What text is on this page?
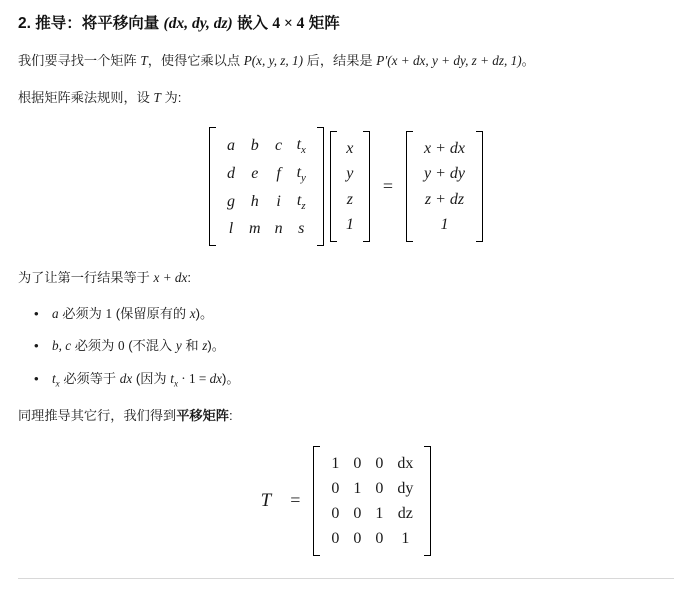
2. 推导：将平移向量 (dx, dy, dz) 嵌入 4 × 4 矩阵

我们要寻找一个矩阵 T，使得它乘以点 P(x, y, z, 1) 后，结果是 P′(x + dx, y + dy, z + dz, 1)。

根据矩阵乘法规则，设 T 为:

a	b	c	$t_x$
d	e	f	$t_y$
g	h	i	$t_z$
l	m	n	s
x
y
z
1
=
x + dx
y + dy
z + dz
1

为了让第一行结果等于 x + dx:

• a 必须为 1 (保留原有的 x)。
• b, c 必须为 0 (不混入 y 和 z)。
• $t_x$ 必须等于 dx (因为 $t_x \cdot 1 = dx$)。

同理推导其它行，我们得到平移矩阵:

T	=
1	0	0	dx
0	1	0	dy
0	0	1	dz
0	0	0	1
